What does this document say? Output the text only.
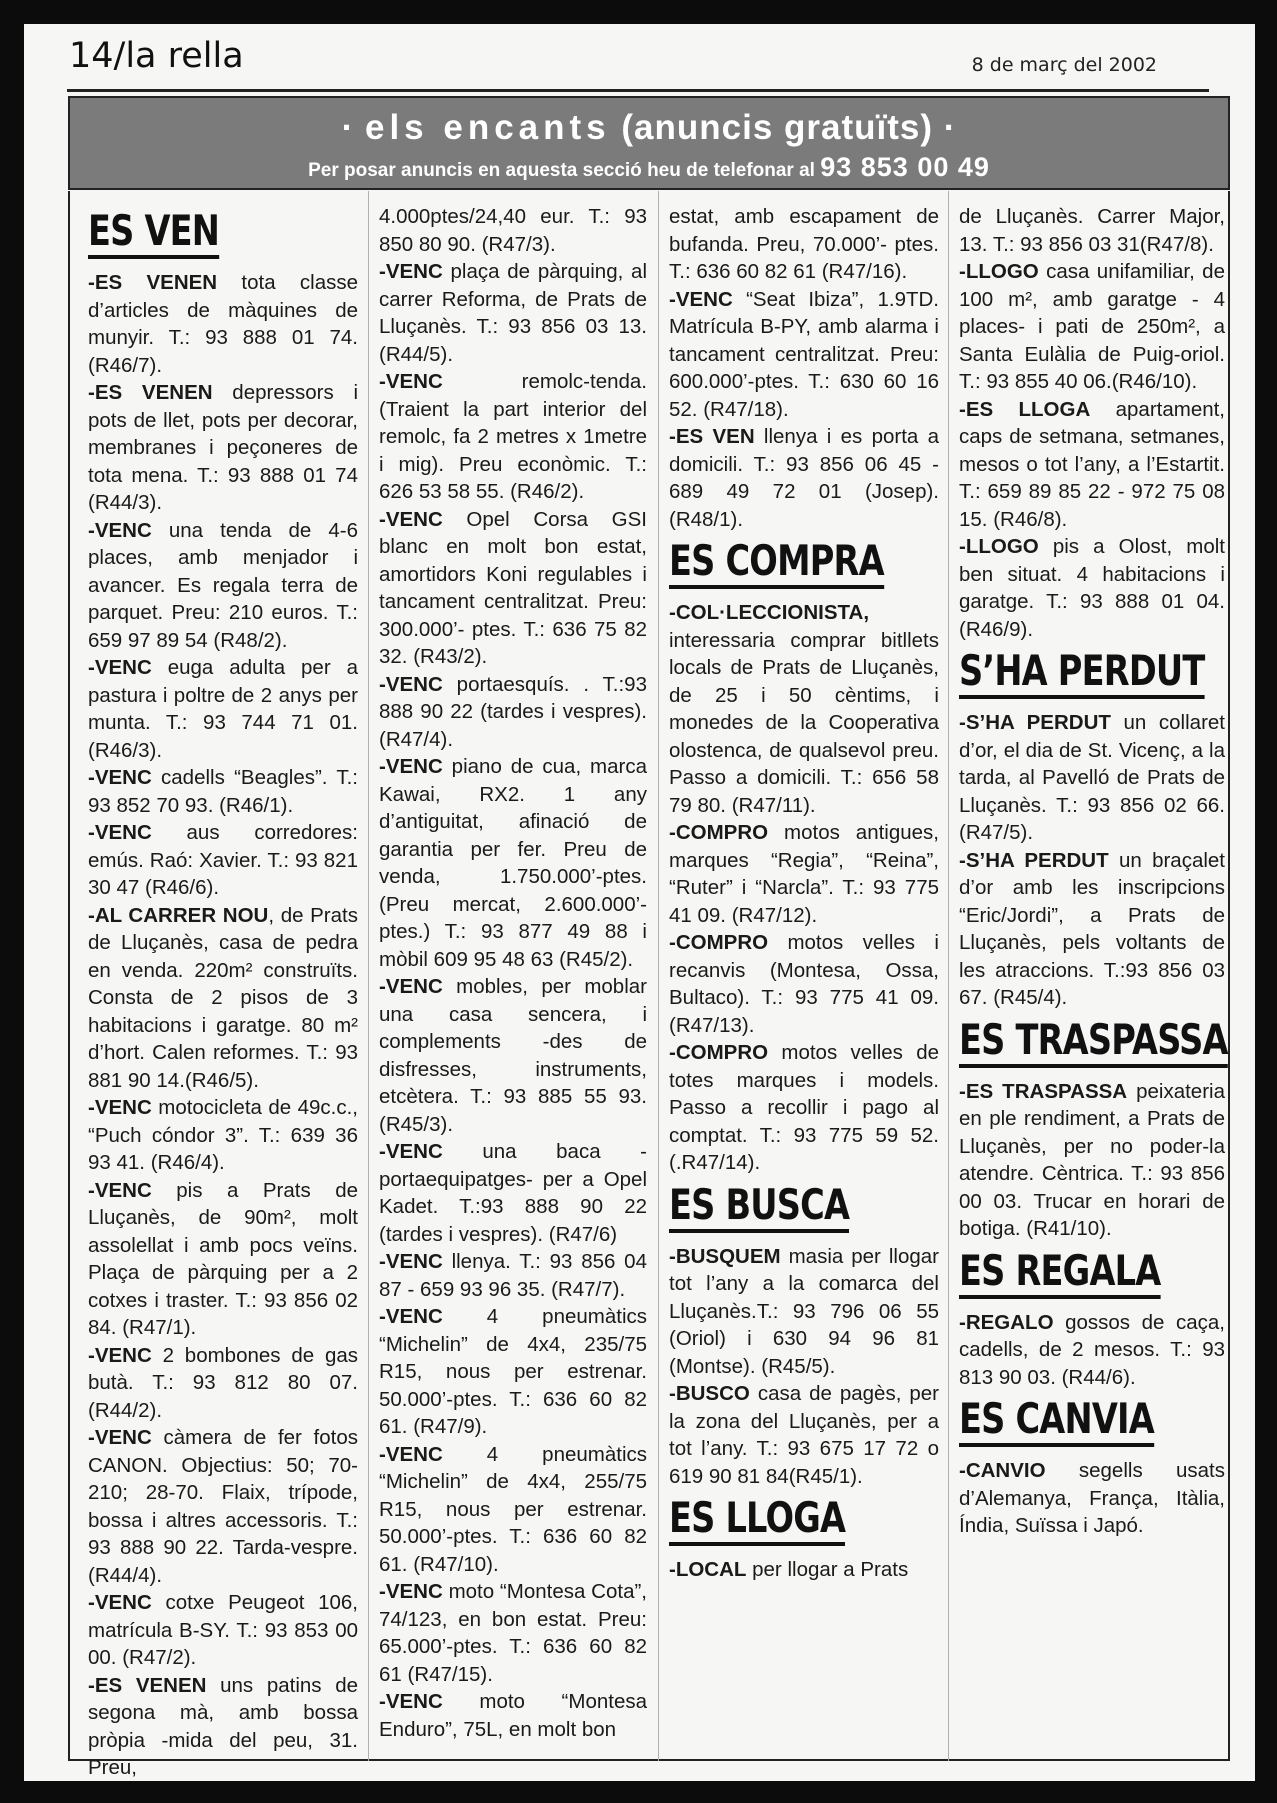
14/la rella	8 de març del 2002
· els encants (anuncis gratuïts) ·
Per posar anuncis en aquesta secció heu de telefonar al 93 853 00 49
ES VEN

-ES VENEN tota classe d’articles de màquines de munyir. T.: 93 888 01 74. (R46/7).

-ES VENEN depressors i pots de llet, pots per decorar, membranes i peçoneres de tota mena. T.: 93 888 01 74 (R44/3).

-VENC una tenda de 4-6 places, amb menjador i avancer. Es regala terra de parquet. Preu: 210 euros. T.: 659 97 89 54 (R48/2).

-VENC euga adulta per a pastura i poltre de 2 anys per munta. T.: 93 744 71 01. (R46/3).

-VENC cadells “Beagles”. T.: 93 852 70 93. (R46/1).

-VENC aus corredores: emús. Raó: Xavier. T.: 93 821 30 47 (R46/6).

-AL CARRER NOU, de Prats de Lluçanès, casa de pedra en venda. 220m² construïts. Consta de 2 pisos de 3 habitacions i garatge. 80 m² d’hort. Calen reformes. T.: 93 881 90 14.(R46/5).

-VENC motocicleta de 49c.c., “Puch cóndor 3”. T.: 639 36 93 41. (R46/4).

-VENC pis a Prats de Lluçanès, de 90m², molt assolellat i amb pocs veïns. Plaça de pàrquing per a 2 cotxes i traster. T.: 93 856 02 84. (R47/1).

-VENC 2 bombones de gas butà. T.: 93 812 80 07. (R44/2).

-VENC càmera de fer fotos CANON. Objectius: 50; 70-210; 28-70. Flaix, trípode, bossa i altres accessoris. T.: 93 888 90 22. Tarda-vespre. (R44/4).

-VENC cotxe Peugeot 106, matrícula B-SY. T.: 93 853 00 00. (R47/2).

-ES VENEN uns patins de segona mà, amb bossa pròpia -mida del peu, 31. Preu,

4.000ptes/24,40 eur. T.: 93 850 80 90. (R47/3).

-VENC plaça de pàrquing, al carrer Reforma, de Prats de Lluçanès. T.: 93 856 03 13. (R44/5).

-VENC remolc-tenda. (Traient la part interior del remolc, fa 2 metres x 1metre i mig). Preu econòmic. T.: 626 53 58 55. (R46/2).

-VENC Opel Corsa GSI blanc en molt bon estat, amortidors Koni regulables i tancament centralitzat. Preu: 300.000’- ptes. T.: 636 75 82 32. (R43/2).

-VENC portaesquís. . T.:93 888 90 22 (tardes i vespres). (R47/4).

-VENC piano de cua, marca Kawai, RX2. 1 any d’antiguitat, afinació de garantia per fer. Preu de venda, 1.750.000’-ptes. (Preu mercat, 2.600.000’-ptes.) T.: 93 877 49 88 i mòbil 609 95 48 63 (R45/2).

-VENC mobles, per moblar una casa sencera, i complements -des de disfresses, instruments, etcètera. T.: 93 885 55 93. (R45/3).

-VENC una baca -portaequipatges- per a Opel Kadet. T.:93 888 90 22 (tardes i vespres). (R47/6)

-VENC llenya. T.: 93 856 04 87 - 659 93 96 35. (R47/7).

-VENC 4 pneumàtics “Michelin” de 4x4, 235/75 R15, nous per estrenar. 50.000’-ptes. T.: 636 60 82 61. (R47/9).

-VENC 4 pneumàtics “Michelin” de 4x4, 255/75 R15, nous per estrenar. 50.000’-ptes. T.: 636 60 82 61. (R47/10).

-VENC moto “Montesa Cota”, 74/123, en bon estat. Preu: 65.000’-ptes. T.: 636 60 82 61 (R47/15).

-VENC moto “Montesa Enduro”, 75L, en molt bon

estat, amb escapament de bufanda. Preu, 70.000’- ptes. T.: 636 60 82 61 (R47/16).

-VENC “Seat Ibiza”, 1.9TD. Matrícula B-PY, amb alarma i tancament centralitzat. Preu: 600.000’-ptes. T.: 630 60 16 52. (R47/18).

-ES VEN llenya i es porta a domicili. T.: 93 856 06 45 - 689 49 72 01 (Josep). (R48/1).

ES COMPRA

-COL·LECCIONISTA, interessaria comprar bitllets locals de Prats de Lluçanès, de 25 i 50 cèntims, i monedes de la Cooperativa olostenca, de qualsevol preu. Passo a domicili. T.: 656 58 79 80. (R47/11).

-COMPRO motos antigues, marques “Regia”, “Reina”, “Ruter” i “Narcla”. T.: 93 775 41 09. (R47/12).

-COMPRO motos velles i recanvis (Montesa, Ossa, Bultaco). T.: 93 775 41 09.(R47/13).

-COMPRO motos velles de totes marques i models. Passo a recollir i pago al comptat. T.: 93 775 59 52. (.R47/14).

ES BUSCA

-BUSQUEM masia per llogar tot l’any a la comarca del Lluçanès.T.: 93 796 06 55 (Oriol) i 630 94 96 81 (Montse). (R45/5).

-BUSCO casa de pagès, per la zona del Lluçanès, per a tot l’any. T.: 93 675 17 72 o 619 90 81 84(R45/1).

ES LLOGA

-LOCAL per llogar a Prats

de Lluçanès. Carrer Major, 13. T.: 93 856 03 31(R47/8).

-LLOGO casa unifamiliar, de 100 m², amb garatge - 4 places- i pati de 250m², a Santa Eulàlia de Puig-oriol. T.: 93 855 40 06.(R46/10).

-ES LLOGA apartament, caps de setmana, setmanes, mesos o tot l’any, a l’Estartit. T.: 659 89 85 22 - 972 75 08 15. (R46/8).

-LLOGO pis a Olost, molt ben situat. 4 habitacions i garatge. T.: 93 888 01 04. (R46/9).

S’HA PERDUT

-S’HA PERDUT un collaret d’or, el dia de St. Vicenç, a la tarda, al Pavelló de Prats de Lluçanès. T.: 93 856 02 66. (R47/5).

-S’HA PERDUT un braçalet d’or amb les inscripcions “Eric/Jordi”, a Prats de Lluçanès, pels voltants de les atraccions. T.:93 856 03 67. (R45/4).

ES TRASPASSA

-ES TRASPASSA peixateria en ple rendiment, a Prats de Lluçanès, per no poder-la atendre. Cèntrica. T.: 93 856 00 03. Trucar en horari de botiga. (R41/10).

ES REGALA

-REGALO gossos de caça, cadells, de 2 mesos. T.: 93 813 90 03. (R44/6).

ES CANVIA

-CANVIO segells usats d’Alemanya, França, Itàlia, Índia, Suïssa i Japó.
